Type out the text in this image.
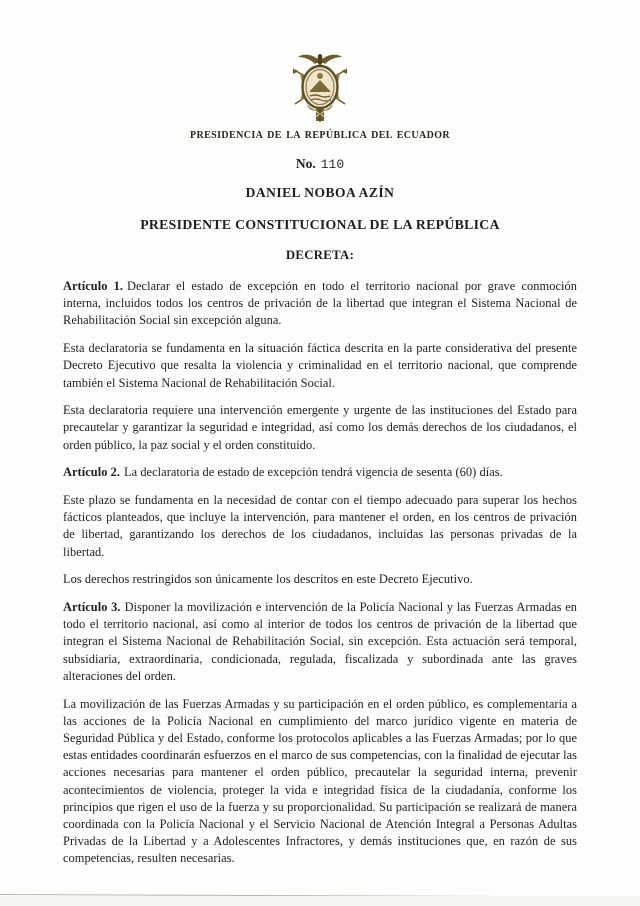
PRESIDENCIA DE LA REPÚBLICA DEL ECUADOR
No. 110
DANIEL NOBOA AZÍN
PRESIDENTE CONSTITUCIONAL DE LA REPÚBLICA
DECRETA:

Artículo 1. Declarar el estado de excepción en todo el territorio nacional por grave conmoción interna, incluidos todos los centros de privación de la libertad que integran el Sistema Nacional de Rehabilitación Social sin excepción alguna.

Esta declaratoria se fundamenta en la situación fáctica descrita en la parte considerativa del presente Decreto Ejecutivo que resalta la violencia y criminalidad en el territorio nacional, que comprende también el Sistema Nacional de Rehabilitación Social.

Esta declaratoria requiere una intervención emergente y urgente de las instituciones del Estado para precautelar y garantizar la seguridad e integridad, así como los demás derechos de los ciudadanos, el orden público, la paz social y el orden constituido.

Artículo 2. La declaratoria de estado de excepción tendrá vigencia de sesenta (60) días.

Este plazo se fundamenta en la necesidad de contar con el tiempo adecuado para superar los hechos fácticos planteados, que incluye la intervención, para mantener el orden, en los centros de privación de libertad, garantizando los derechos de los ciudadanos, incluidas las personas privadas de la libertad.

Los derechos restringidos son únicamente los descritos en este Decreto Ejecutivo.

Artículo 3. Disponer la movilización e intervención de la Policía Nacional y las Fuerzas Armadas en todo el territorio nacional, así como al interior de todos los centros de privación de la libertad que integran el Sistema Nacional de Rehabilitación Social, sin excepción. Esta actuación será temporal, subsidiaria, extraordinaria, condicionada, regulada, fiscalizada y subordinada ante las graves alteraciones del orden.

La movilización de las Fuerzas Armadas y su participación en el orden público, es complementaria a las acciones de la Policía Nacional en cumplimiento del marco jurídico vigente en materia de Seguridad Pública y del Estado, conforme los protocolos aplicables a las Fuerzas Armadas; por lo que estas entidades coordinarán esfuerzos en el marco de sus competencias, con la finalidad de ejecutar las acciones necesarias para mantener el orden público, precautelar la seguridad interna, prevenir acontecimientos de violencia, proteger la vida e integridad física de la ciudadanía, conforme los principios que rigen el uso de la fuerza y su proporcionalidad. Su participación se realizará de manera coordinada con la Policía Nacional y el Servicio Nacional de Atención Integral a Personas Adultas Privadas de la Libertad y a Adolescentes Infractores, y demás instituciones que, en razón de sus competencias, resulten necesarias.
